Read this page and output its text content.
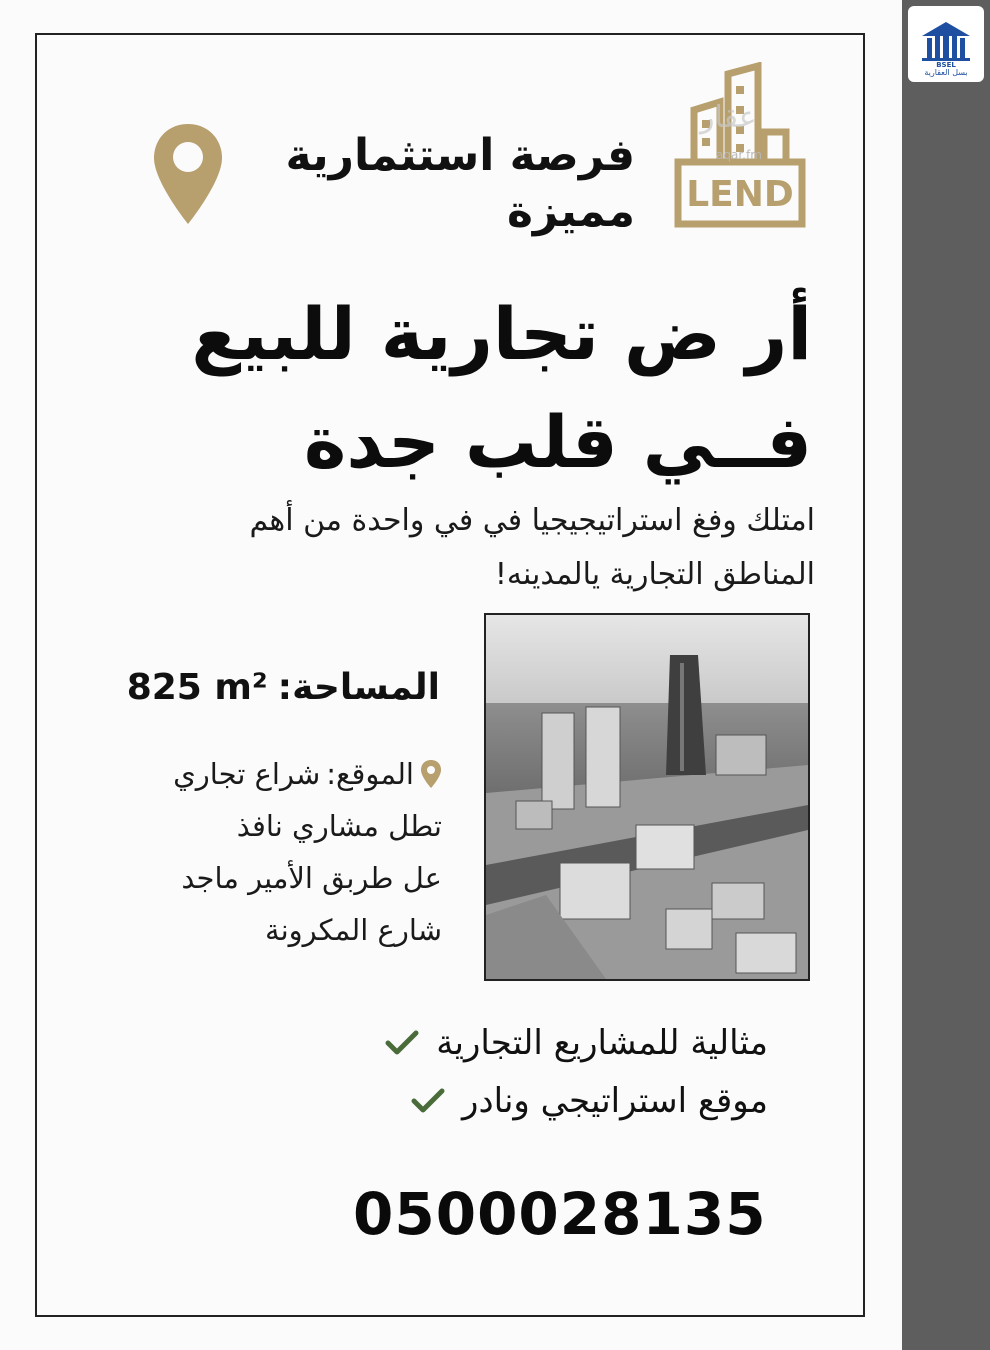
BSEL
بسل العقارية
LEND
عقار
aqar.fm
فرصة استثمارية
مميزة
أر ض تجارية للبيع
فــي قلب جدة
امتلك وفغ استراتيجيجيا في في واحدة من أهم
المناطق التجارية يالمدينه!
المساحة:
825 m²
الموقع:
شراع تجاري
تطل مشاري نافذ
عل طربق الأمير ماجد
شارع المكرونة
مثالية للمشاريع التجارية
موقع استراتيجي ونادر
0500028135
